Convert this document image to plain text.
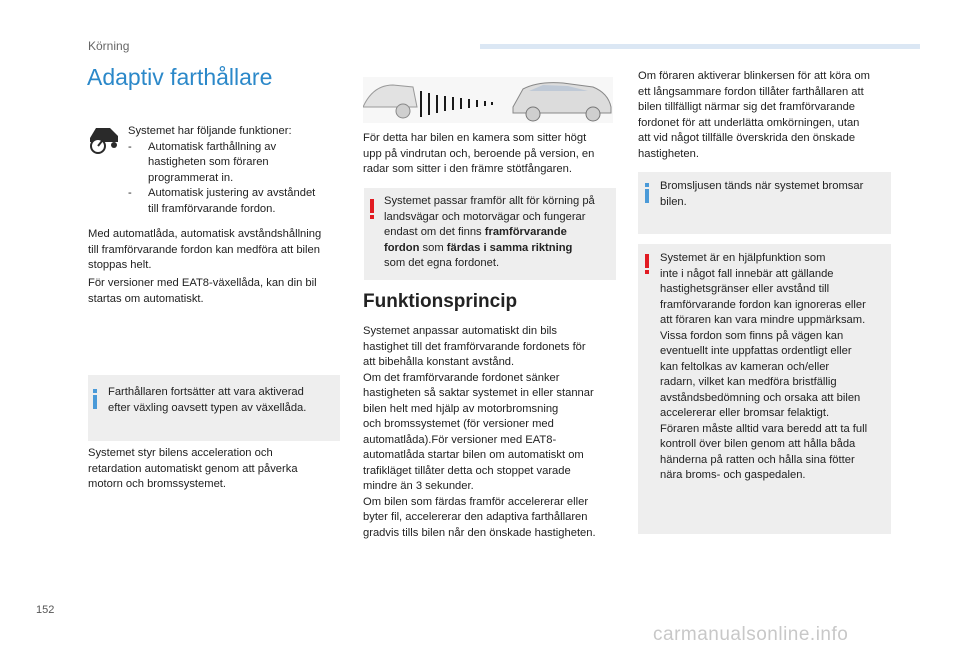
Körning
Adaptiv farthållare

Systemet har följande funktioner:

- Automatisk farthållning av
hastigheten som föraren
programmerat in.
- Automatisk justering av avståndet
till framförvarande fordon.
Med automatlåda, automatisk avståndshållning
till framförvarande fordon kan medföra att bilen
stoppas helt.
För versioner med EAT8-växellåda, kan din bil
startas om automatiskt.
Farthållaren fortsätter att vara aktiverad
efter växling oavsett typen av växellåda.
Systemet styr bilens acceleration och
retardation automatiskt genom att påverka
motorn och bromssystemet.
För detta har bilen en kamera som sitter högt
upp på vindrutan och, beroende på version, en
radar som sitter i den främre stötfångaren.
Systemet passar framför allt för körning på
landsvägar och motorvägar och fungerar
endast om det finns framförvarande
fordon som färdas i samma riktning
som det egna fordonet.
Funktionsprincip
Systemet anpassar automatiskt din bils
hastighet till det framförvarande fordonets för
att bibehålla konstant avstånd.
Om det framförvarande fordonet sänker
hastigheten så saktar systemet in eller stannar
bilen helt med hjälp av motorbromsning
och bromssystemet (för versioner med
automatlåda).För versioner med EAT8-
automatlåda startar bilen om automatiskt om
trafikläget tillåter detta och stoppet varade
mindre än 3 sekunder.
Om bilen som färdas framför accelererar eller
byter fil, accelererar den adaptiva farthållaren
gradvis tills bilen når den önskade hastigheten.
Om föraren aktiverar blinkersen för att köra om
ett långsammare fordon tillåter farthållaren att
bilen tillfälligt närmar sig det framförvarande
fordonet för att underlätta omkörningen, utan
att vid något tillfälle överskrida den önskade
hastigheten.
Bromsljusen tänds när systemet bromsar
bilen.
Systemet är en hjälpfunktion som
inte i något fall innebär att gällande
hastighetsgränser eller avstånd till
framförvarande fordon kan ignoreras eller
att föraren kan vara mindre uppmärksam.
Vissa fordon som finns på vägen kan
eventuellt inte uppfattas ordentligt eller
kan feltolkas av kameran och/eller
radarn, vilket kan medföra bristfällig
avståndsbedömning och orsaka att bilen
accelererar eller bromsar felaktigt.
Föraren måste alltid vara beredd att ta full
kontroll över bilen genom att hålla båda
händerna på ratten och hålla sina fötter
nära broms- och gaspedalen.
152
carmanualsonline.info
